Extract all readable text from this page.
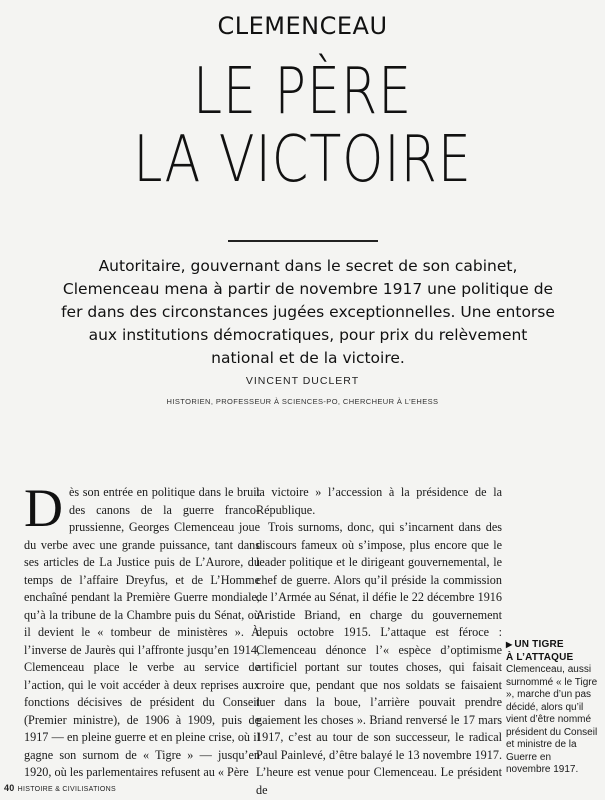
CLEMENCEAU
LE PÈRE
LA VICTOIRE
Autoritaire, gouvernant dans le secret de son cabinet, Clemenceau mena à partir de novembre 1917 une politique de fer dans des circonstances jugées exceptionnelles. Une entorse aux institutions démocratiques, pour prix du relèvement national et de la victoire.
VINCENT DUCLERT
HISTORIEN, PROFESSEUR À SCIENCES-PO, CHERCHEUR À L’EHESS

Dès son entrée en politique dans le bruit des canons de la guerre franco-prussienne, Georges Clemenceau joue du verbe avec une grande puissance, tant dans ses articles de La Justice puis de L’Aurore, du temps de l’affaire Dreyfus, et de L’Homme enchaîné pendant la Première Guerre mondiale, qu’à la tribune de la Chambre puis du Sénat, où il devient le « tombeur de ministères ». À l’inverse de Jaurès qui l’affronte jusqu’en 1914, Clemenceau place le verbe au service de l’action, qui le voit accéder à deux reprises aux fonctions décisives de président du Conseil (Premier ministre), de 1906 à 1909, puis de 1917 — en pleine guerre et en pleine crise, où il gagne son surnom de « Tigre » — jusqu’en 1920, où les parlementaires refusent au « Père

la victoire » l’accession à la présidence de la République.

Trois surnoms, donc, qui s’incarnent dans des discours fameux où s’impose, plus encore que le leader politique et le dirigeant gouvernemental, le chef de guerre. Alors qu’il préside la commission de l’Armée au Sénat, il défie le 22 décembre 1916 Aristide Briand, en charge du gouvernement depuis octobre 1915. L’attaque est féroce : Clemenceau dénonce l’« espèce d’optimisme artificiel portant sur toutes choses, qui faisait croire que, pendant que nos soldats se faisaient tuer dans la boue, l’arrière pouvait prendre gaiement les choses ». Briand renversé le 17 mars 1917, c’est au tour de son successeur, le radical Paul Painlevé, d’être balayé le 13 novembre 1917. L’heure est venue pour Clemenceau. Le président de

▶ UN TIGRE
À L’ATTAQUE
Clemenceau, aussi surnommé « le Tigre », marche d’un pas décidé, alors qu’il vient d’être nommé président du Conseil et ministre de la Guerre en novembre 1917.
40 HISTOIRE & CIVILISATIONS
